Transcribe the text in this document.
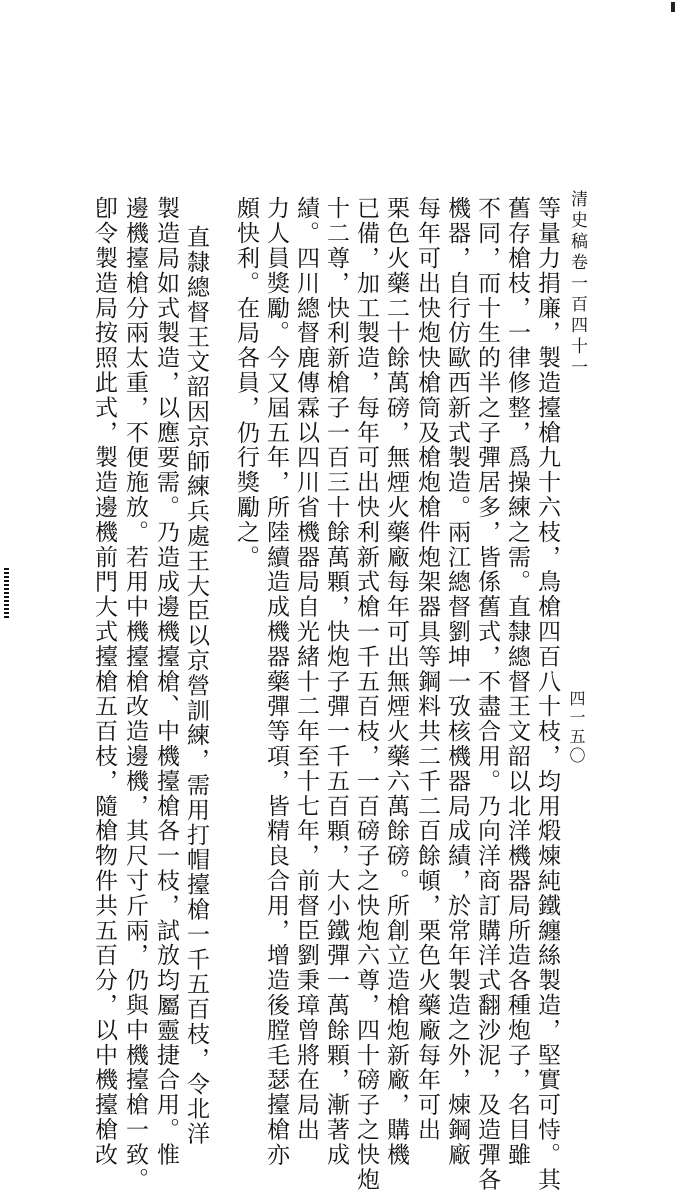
清史稿卷一百四十一
四一五〇
等量力捐廉，製造擡槍九十六枝，鳥槍四百八十枝，均用煅煉純鐵纏絲製造，堅實可恃。其
舊存槍枝，一律修整，爲操練之需。直隸總督王文韶以北洋機器局所造各種炮子，名目雖
不同，而十生的半之子彈居多，皆係舊式，不盡合用。乃向洋商訂購洋式翻沙泥，及造彈各
機器，自行仿歐西新式製造。兩江總督劉坤一攷核機器局成績，於常年製造之外，煉鋼廠
每年可出快炮快槍筒及槍炮槍件炮架器具等鋼料共二千二百餘頓，栗色火藥廠每年可出
栗色火藥二十餘萬磅，無煙火藥廠每年可出無煙火藥六萬餘磅。所創立造槍炮新廠，購機
已備，加工製造，每年可出快利新式槍一千五百枝，一百磅子之快炮六尊，四十磅子之快炮
十二尊，快利新槍子一百三十餘萬顆，快炮子彈一千五百顆，大小鐵彈一萬餘顆，漸著成
績。四川總督鹿傳霖以四川省機器局自光緒十二年至十七年，前督臣劉秉璋曾將在局出
力人員獎勵。今又屆五年，所陸續造成機器藥彈等項，皆精良合用，增造後膛毛瑟擡槍亦
頗快利。在局各員，仍行獎勵之。
直隸總督王文韶因京師練兵處王大臣以京營訓練，需用打帽擡槍一千五百枝，令北洋
製造局如式製造，以應要需。乃造成邊機擡槍、中機擡槍各一枝，試放均屬靈捷合用。惟
邊機擡槍分兩太重，不便施放。若用中機擡槍改造邊機，其尺寸斤兩，仍與中機擡槍一致。
卽令製造局按照此式，製造邊機前門大式擡槍五百枝，隨槍物件共五百分，以中機擡槍改
